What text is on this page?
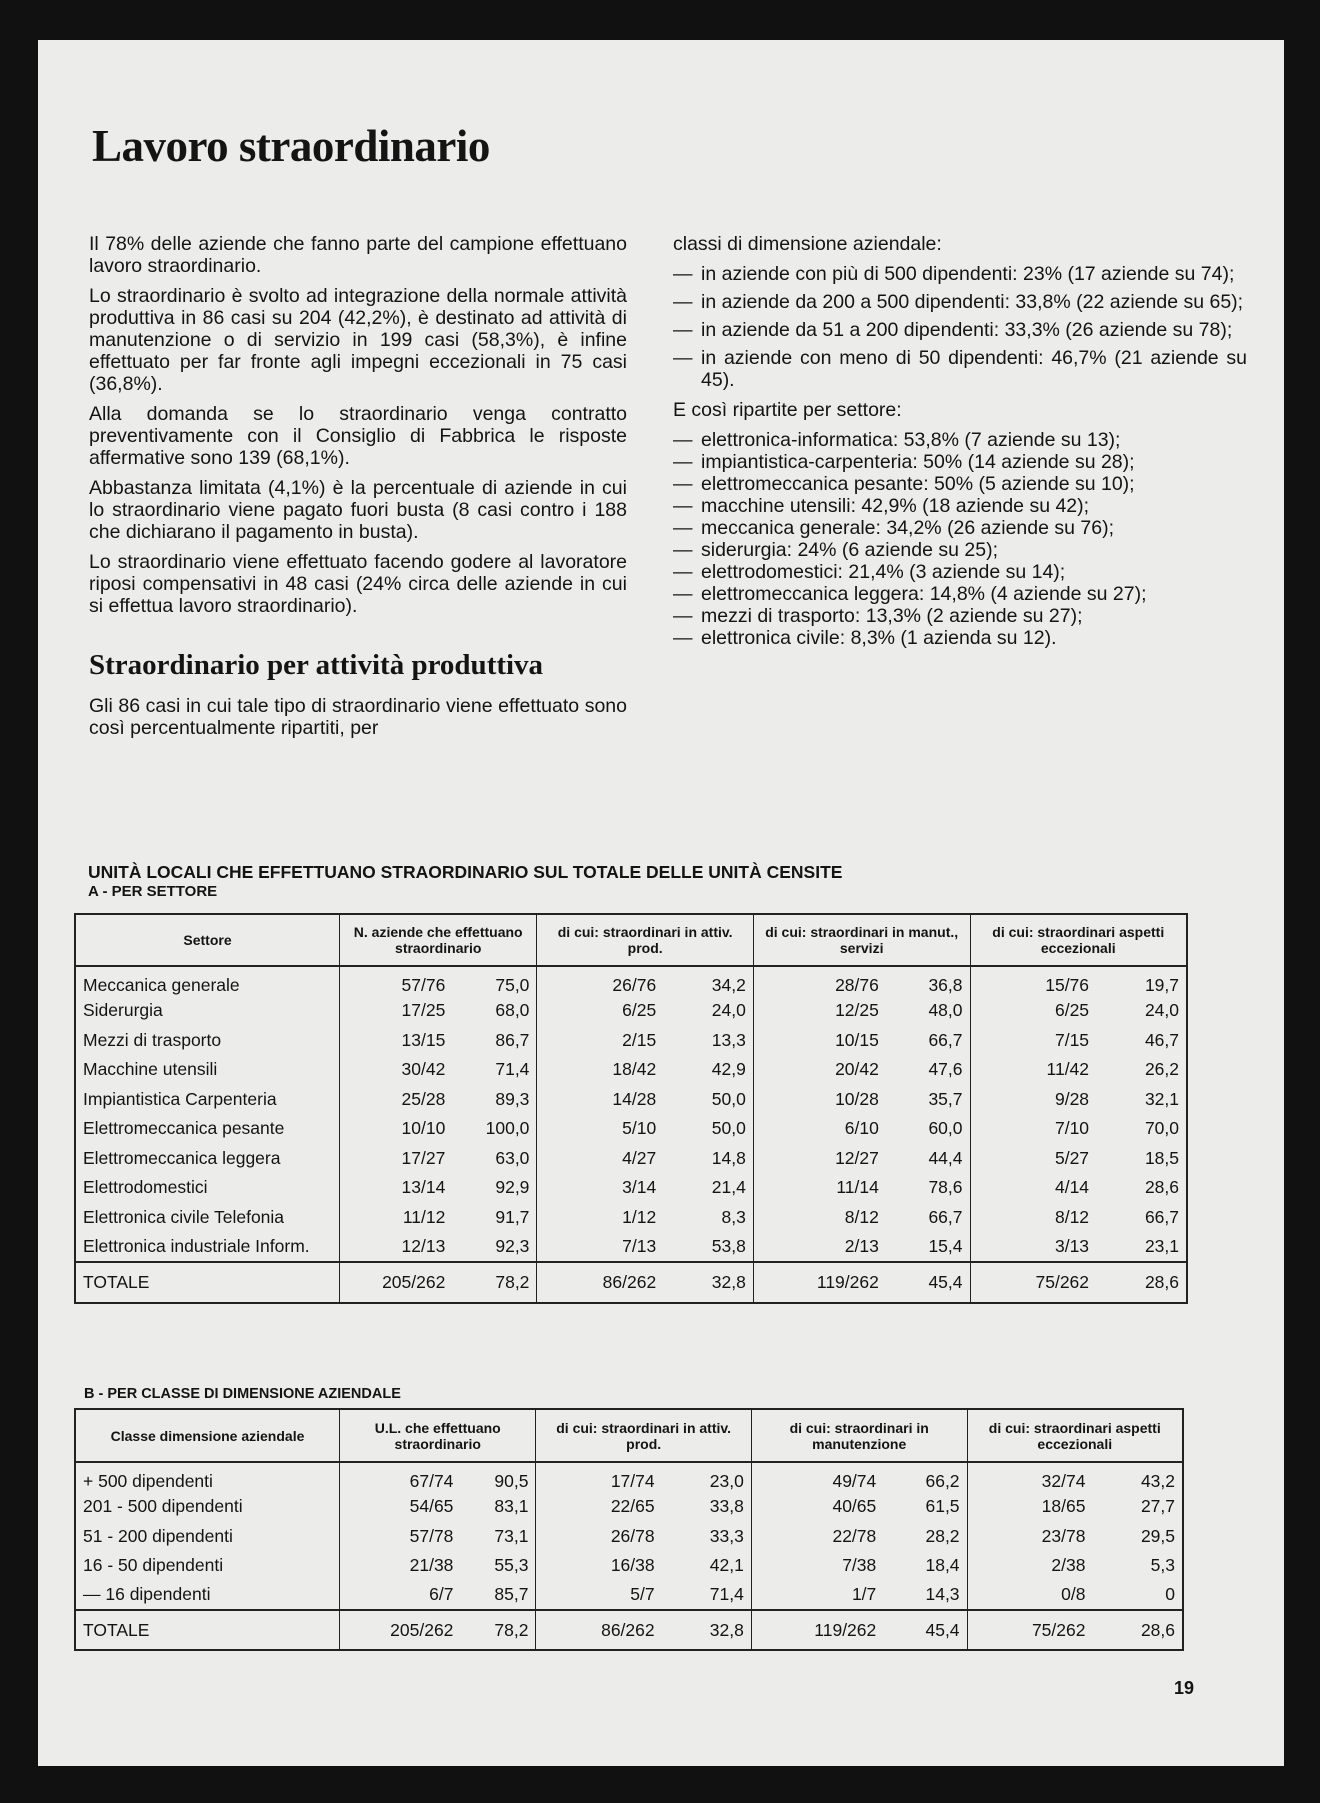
Lavoro straordinario

Il 78% delle aziende che fanno parte del campione effettuano lavoro straordinario.

Lo straordinario è svolto ad integrazione della normale attività produttiva in 86 casi su 204 (42,2%), è destinato ad attività di manutenzione o di servizio in 199 casi (58,3%), è infine effettuato per far fronte agli impegni eccezionali in 75 casi (36,8%).

Alla domanda se lo straordinario venga contratto preventivamente con il Consiglio di Fabbrica le risposte affermative sono 139 (68,1%).

Abbastanza limitata (4,1%) è la percentuale di aziende in cui lo straordinario viene pagato fuori busta (8 casi contro i 188 che dichiarano il pagamento in busta).

Lo straordinario viene effettuato facendo godere al lavoratore riposi compensativi in 48 casi (24% circa delle aziende in cui si effettua lavoro straordinario).

Straordinario per attività produttiva

Gli 86 casi in cui tale tipo di straordinario viene effettuato sono così percentualmente ripartiti, per

classi di dimensione aziendale:

— in aziende con più di 500 dipendenti: 23% (17 aziende su 74);
— in aziende da 200 a 500 dipendenti: 33,8% (22 aziende su 65);
— in aziende da 51 a 200 dipendenti: 33,3% (26 aziende su 78);
— in aziende con meno di 50 dipendenti: 46,7% (21 aziende su 45).

E così ripartite per settore:

— elettronica-informatica: 53,8% (7 aziende su 13);
— impiantistica-carpenteria: 50% (14 aziende su 28);
— elettromeccanica pesante: 50% (5 aziende su 10);
— macchine utensili: 42,9% (18 aziende su 42);
— meccanica generale: 34,2% (26 aziende su 76);
— siderurgia: 24% (6 aziende su 25);
— elettrodomestici: 21,4% (3 aziende su 14);
— elettromeccanica leggera: 14,8% (4 aziende su 27);
— mezzi di trasporto: 13,3% (2 aziende su 27);
— elettronica civile: 8,3% (1 azienda su 12).
UNITÀ LOCALI CHE EFFETTUANO STRAORDINARIO SUL TOTALE DELLE UNITÀ CENSITE
A - PER SETTORE
Settore	N. aziende che effettuano straordinario		di cui: straordinari in attiv. prod.		di cui: straordinari in manut., servizi		di cui: straordinari aspetti eccezionali	
Meccanica generale	57/76	75,0	26/76	34,2	28/76	36,8	15/76	19,7
Siderurgia	17/25	68,0	6/25	24,0	12/25	48,0	6/25	24,0
Mezzi di trasporto	13/15	86,7	2/15	13,3	10/15	66,7	7/15	46,7
Macchine utensili	30/42	71,4	18/42	42,9	20/42	47,6	11/42	26,2
Impiantistica Carpenteria	25/28	89,3	14/28	50,0	10/28	35,7	9/28	32,1
Elettromeccanica pesante	10/10	100,0	5/10	50,0	6/10	60,0	7/10	70,0
Elettromeccanica leggera	17/27	63,0	4/27	14,8	12/27	44,4	5/27	18,5
Elettrodomestici	13/14	92,9	3/14	21,4	11/14	78,6	4/14	28,6
Elettronica civile Telefonia	11/12	91,7	1/12	8,3	8/12	66,7	8/12	66,7
Elettronica industriale Inform.	12/13	92,3	7/13	53,8	2/13	15,4	3/13	23,1
TOTALE	205/262	78,2	86/262	32,8	119/262	45,4	75/262	28,6
B - PER CLASSE DI DIMENSIONE AZIENDALE
Classe dimensione aziendale	U.L. che effettuano straordinario		di cui: straordinari in attiv. prod.		di cui: straordinari in manutenzione		di cui: straordinari aspetti eccezionali	
+ 500 dipendenti	67/74	90,5	17/74	23,0	49/74	66,2	32/74	43,2
201 - 500 dipendenti	54/65	83,1	22/65	33,8	40/65	61,5	18/65	27,7
51 - 200 dipendenti	57/78	73,1	26/78	33,3	22/78	28,2	23/78	29,5
16 - 50 dipendenti	21/38	55,3	16/38	42,1	7/38	18,4	2/38	5,3
— 16 dipendenti	6/7	85,7	5/7	71,4	1/7	14,3	0/8	0
TOTALE	205/262	78,2	86/262	32,8	119/262	45,4	75/262	28,6
19
